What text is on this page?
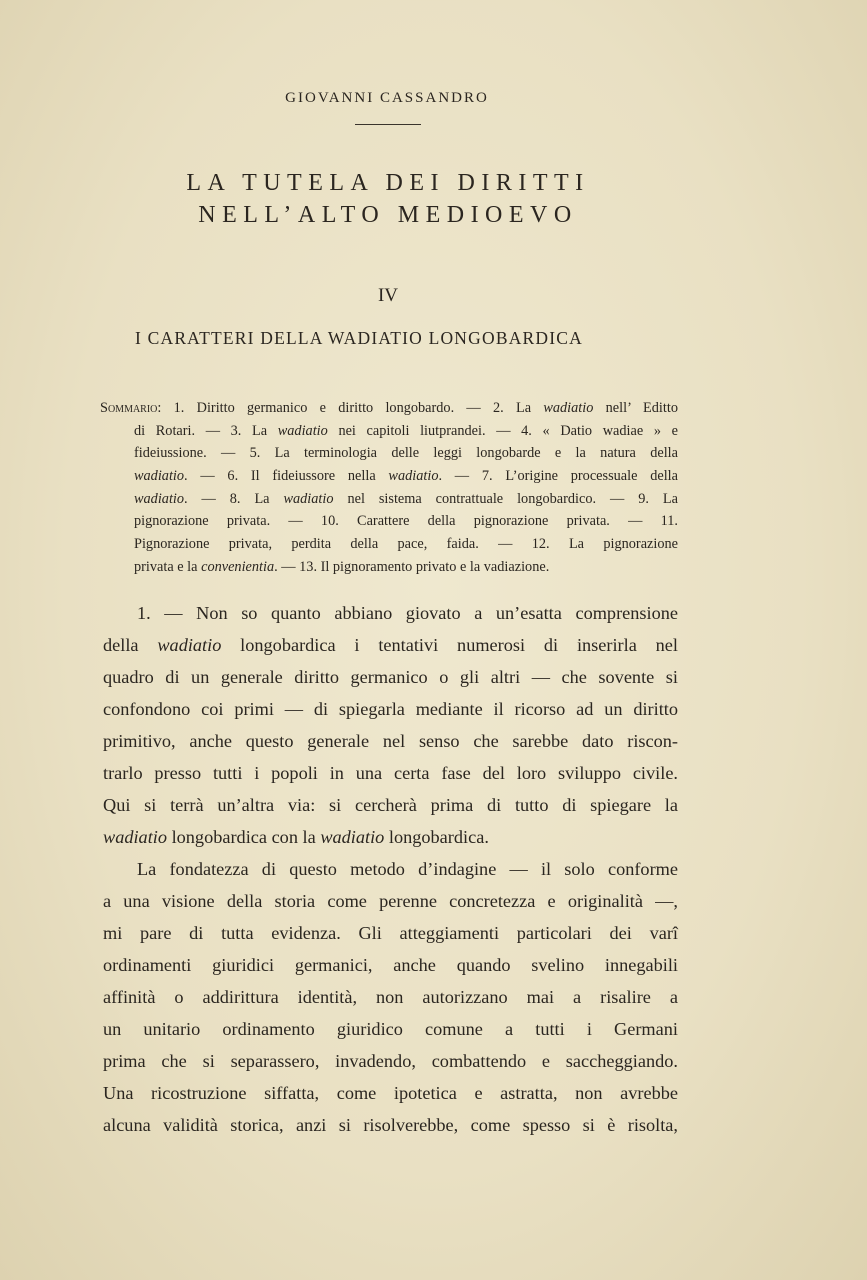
GIOVANNI CASSANDRO
LA TUTELA DEI DIRITTI
NELL’ALTO MEDIOEVO
IV
I CARATTERI DELLA WADIATIO LONGOBARDICA
Sommario: 1. Diritto germanico e diritto longobardo. — 2. La wadiatio nell’ Editto
di Rotari. — 3. La wadiatio nei capitoli liutprandei. — 4. « Datio wadiae » e
fideiussione. — 5. La terminologia delle leggi longobarde e la natura della
wadiatio. — 6. Il fideiussore nella wadiatio. — 7. L’origine processuale della
wadiatio. — 8. La wadiatio nel sistema contrattuale longobardico. — 9. La
pignorazione privata. — 10. Carattere della pignorazione privata. — 11.
Pignorazione privata, perdita della pace, faida. — 12. La pignorazione
privata e la convenientia. — 13. Il pignoramento privato e la vadiazione.
1. — Non so quanto abbiano giovato a un’esatta comprensione
della wadiatio longobardica i tentativi numerosi di inserirla nel
quadro di un generale diritto germanico o gli altri — che sovente si
confondono coi primi — di spiegarla mediante il ricorso ad un diritto
primitivo, anche questo generale nel senso che sarebbe dato riscon-
trarlo presso tutti i popoli in una certa fase del loro sviluppo civile.
Qui si terrà un’altra via: si cercherà prima di tutto di spiegare la
wadiatio longobardica con la wadiatio longobardica.
La fondatezza di questo metodo d’indagine — il solo conforme
a una visione della storia come perenne concretezza e originalità —,
mi pare di tutta evidenza. Gli atteggiamenti particolari dei varî
ordinamenti giuridici germanici, anche quando svelino innegabili
affinità o addirittura identità, non autorizzano mai a risalire a
un unitario ordinamento giuridico comune a tutti i Germani
prima che si separassero, invadendo, combattendo e saccheggiando.
Una ricostruzione siffatta, come ipotetica e astratta, non avrebbe
alcuna validità storica, anzi si risolverebbe, come spesso si è risolta,
